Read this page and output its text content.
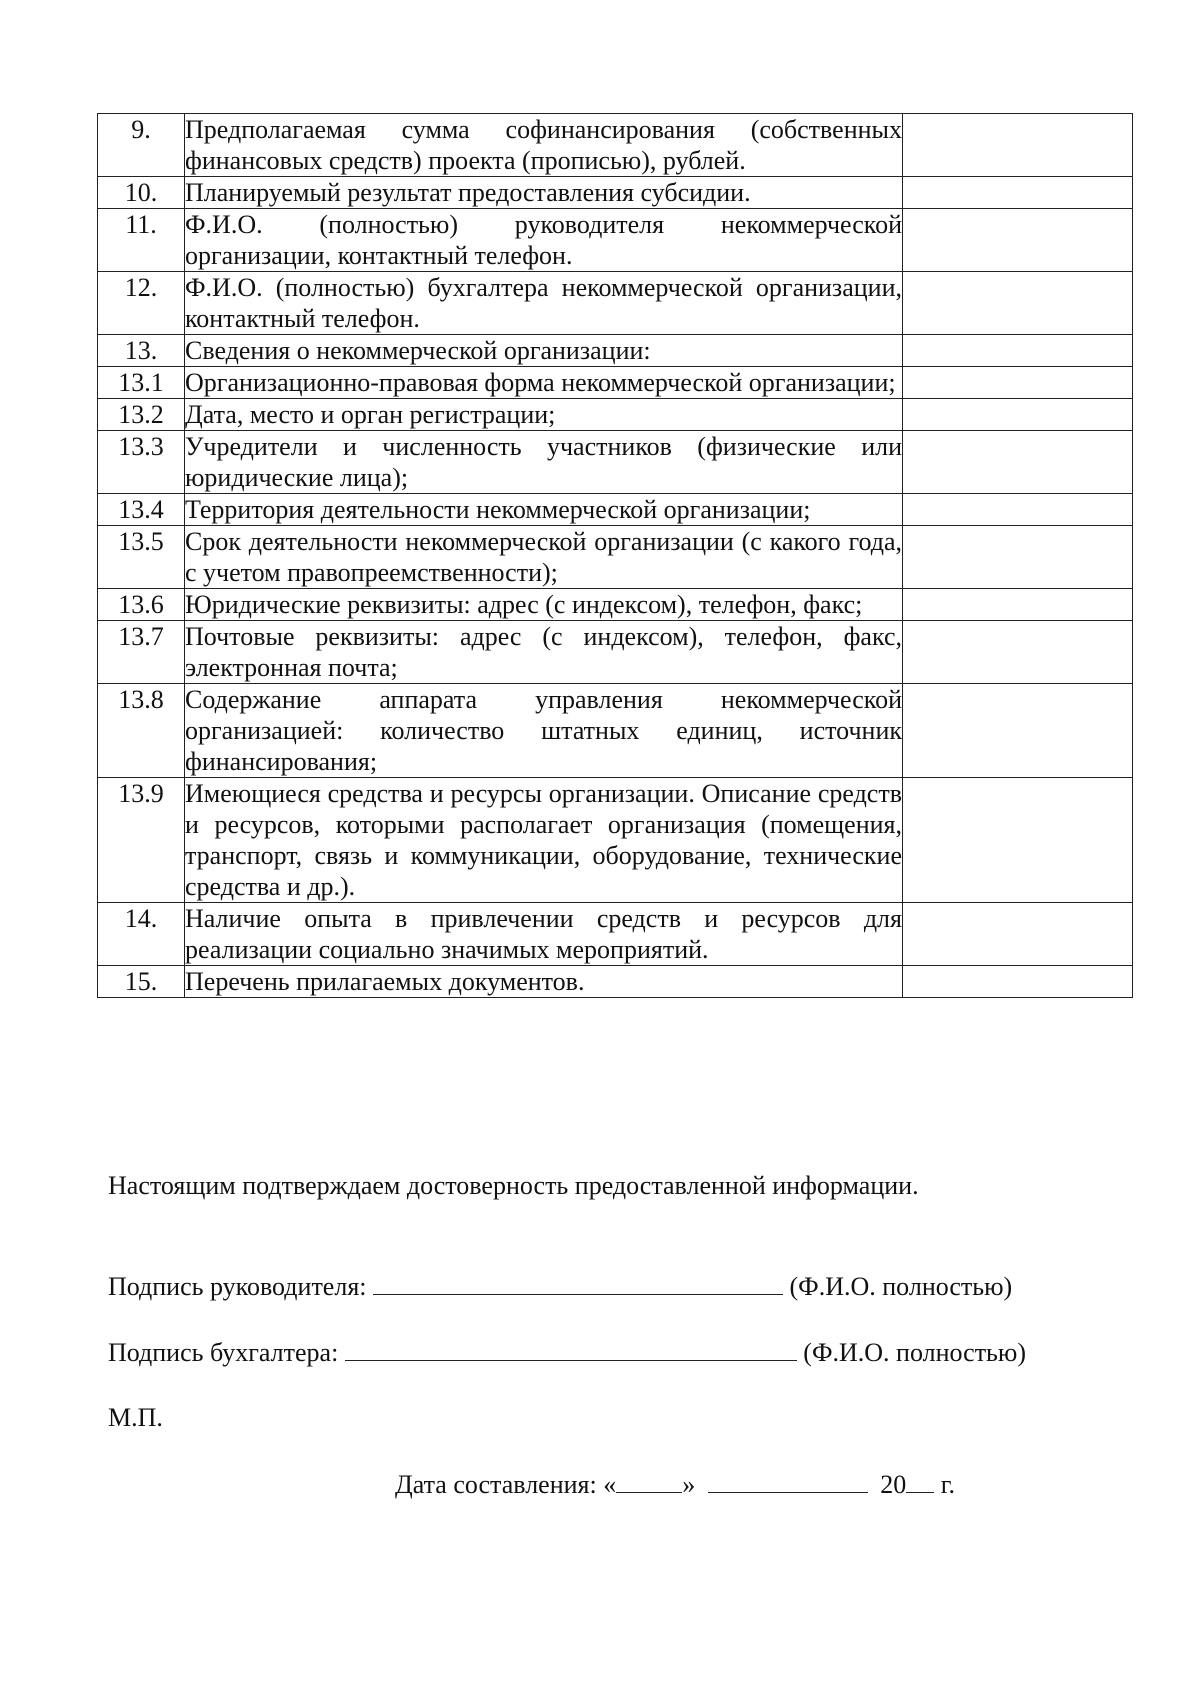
9.	Предполагаемая сумма софинансирования (собственных финансовых средств) проекта (прописью), рублей.	
10.	Планируемый результат предоставления субсидии.	
11.	Ф.И.О. (полностью) руководителя некоммерческой организации, контактный телефон.	
12.	Ф.И.О. (полностью) бухгалтера некоммерческой организации, контактный телефон.	
13.	Сведения о некоммерческой организации:	
13.1	Организационно-правовая форма некоммерческой организации;	
13.2	Дата, место и орган регистрации;	
13.3	Учредители и численность участников (физические или юридические лица);	
13.4	Территория деятельности некоммерческой организации;	
13.5	Срок деятельности некоммерческой организации (с какого года, с учетом правопреемственности);	
13.6	Юридические реквизиты: адрес (с индексом), телефон, факс;	
13.7	Почтовые реквизиты: адрес (с индексом), телефон, факс, электронная почта;	
13.8	Содержание аппарата управления некоммерческой организацией: количество штатных единиц, источник финансирования;	
13.9	Имеющиеся средства и ресурсы организации. Описание средств и ресурсов, которыми располагает организация (помещения, транспорт, связь и коммуникации, оборудование, технические средства и др.).	
14.	Наличие опыта в привлечении средств и ресурсов для реализации социально значимых мероприятий.	
15.	Перечень прилагаемых документов.	
Настоящим подтверждаем достоверность предоставленной информации.
Подпись руководителя:	(Ф.И.О. полностью)
Подпись бухгалтера:	(Ф.И.О. полностью)
М.П.
Дата составления: «	»	20 г.
